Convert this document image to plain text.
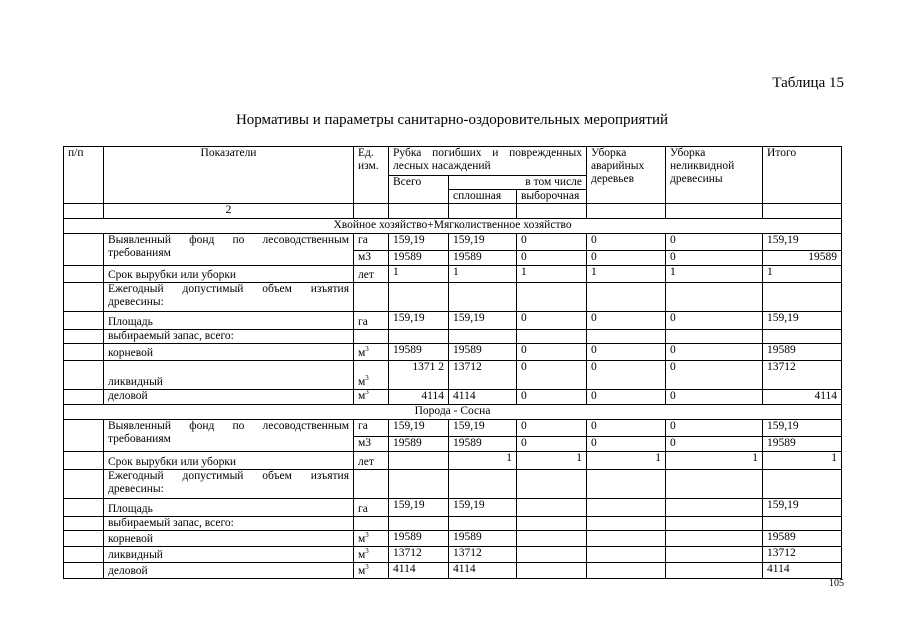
Таблица 15
Нормативы и параметры санитарно-оздоровительных мероприятий
п/п	Показатели	Ед. изм.	Рубка погибших и поврежденных лесных насаждений			Уборка аварийных деревьев	Уборка неликвидной древесины	Итого
			Всего	в том числе				
				сплошная	выборочная			
	2							
Хвойное хозяйство+Мягколиственное хозяйство								
	Выявленный фонд по лесоводственным требованиям	га	159,19	159,19	0	0	0	159,19
		м3	19589	19589	0	0	0	19589
	Срок вырубки или уборки	лет	1	1	1	1	1	1
	Ежегодный допустимый объем изъятия древесины:							
	Площадь	га	159,19	159,19	0	0	0	159,19
	выбираемый запас, всего:							
	корневой	$м^3$	19589	19589	0	0	0	19589
	ликвидный	$м^3$	1371 2	13712	0	0	0	13712
	деловой	$м^3$	4114	4114	0	0	0	4114
Порода - Сосна								
	Выявленный фонд по лесоводственным требованиям	га	159,19	159,19	0	0	0	159,19
		м3	19589	19589	0	0	0	19589
	Срок вырубки или уборки	лет		1	1	1	1	1
	Ежегодный допустимый объем изъятия древесины:							
	Площадь	га	159,19	159,19				159,19
	выбираемый запас, всего:							
	корневой	$м^3$	19589	19589				19589
	ликвидный	$м^3$	13712	13712				13712
	деловой	$м^3$	4114	4114				4114
105
